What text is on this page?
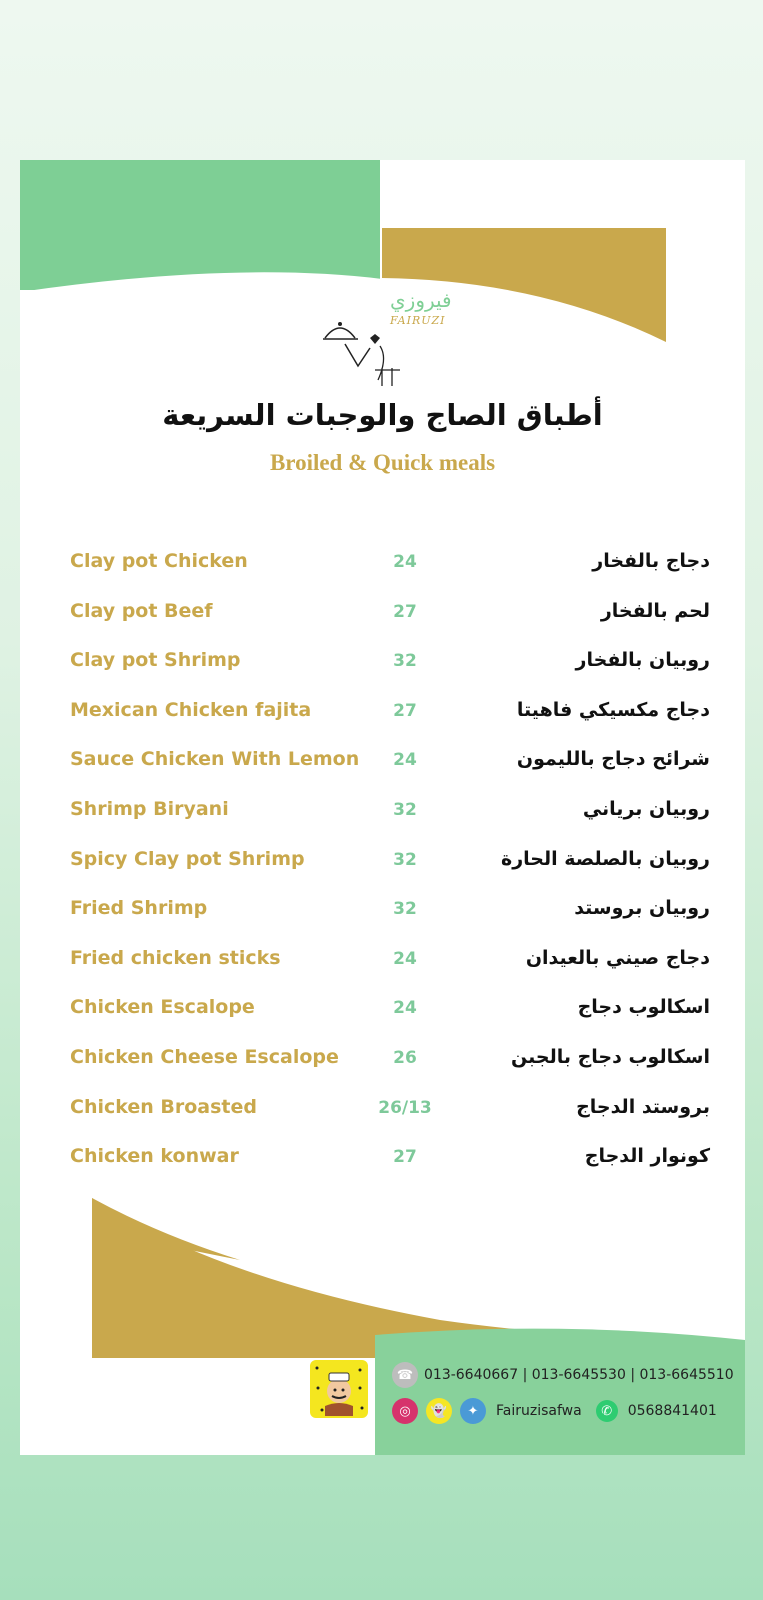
فيروزي
FAIRUZI
أطباق الصاج والوجبات السريعة
Broiled & Quick meals
Clay pot Chicken	24	دجاج بالفخار
Clay pot Beef	27	لحم بالفخار
Clay pot Shrimp	32	روبيان بالفخار
Mexican Chicken fajita	27	دجاج مكسيكي فاهيتا
Sauce Chicken With Lemon	24	شرائح دجاج بالليمون
Shrimp Biryani	32	روبيان برياني
Spicy Clay pot Shrimp	32	روبيان بالصلصة الحارة
Fried Shrimp	32	روبيان بروستد
Fried chicken sticks	24	دجاج صيني بالعيدان
Chicken Escalope	24	اسكالوب دجاج
Chicken Cheese Escalope	26	اسكالوب دجاج بالجبن
Chicken Broasted	26/13	بروستد الدجاج
Chicken konwar	27	كونوار الدجاج
☎ 013-6640667 | 013-6645530 | 013-6645510
◎	👻	✦	Fairuzisafwa	✆	0568841401
